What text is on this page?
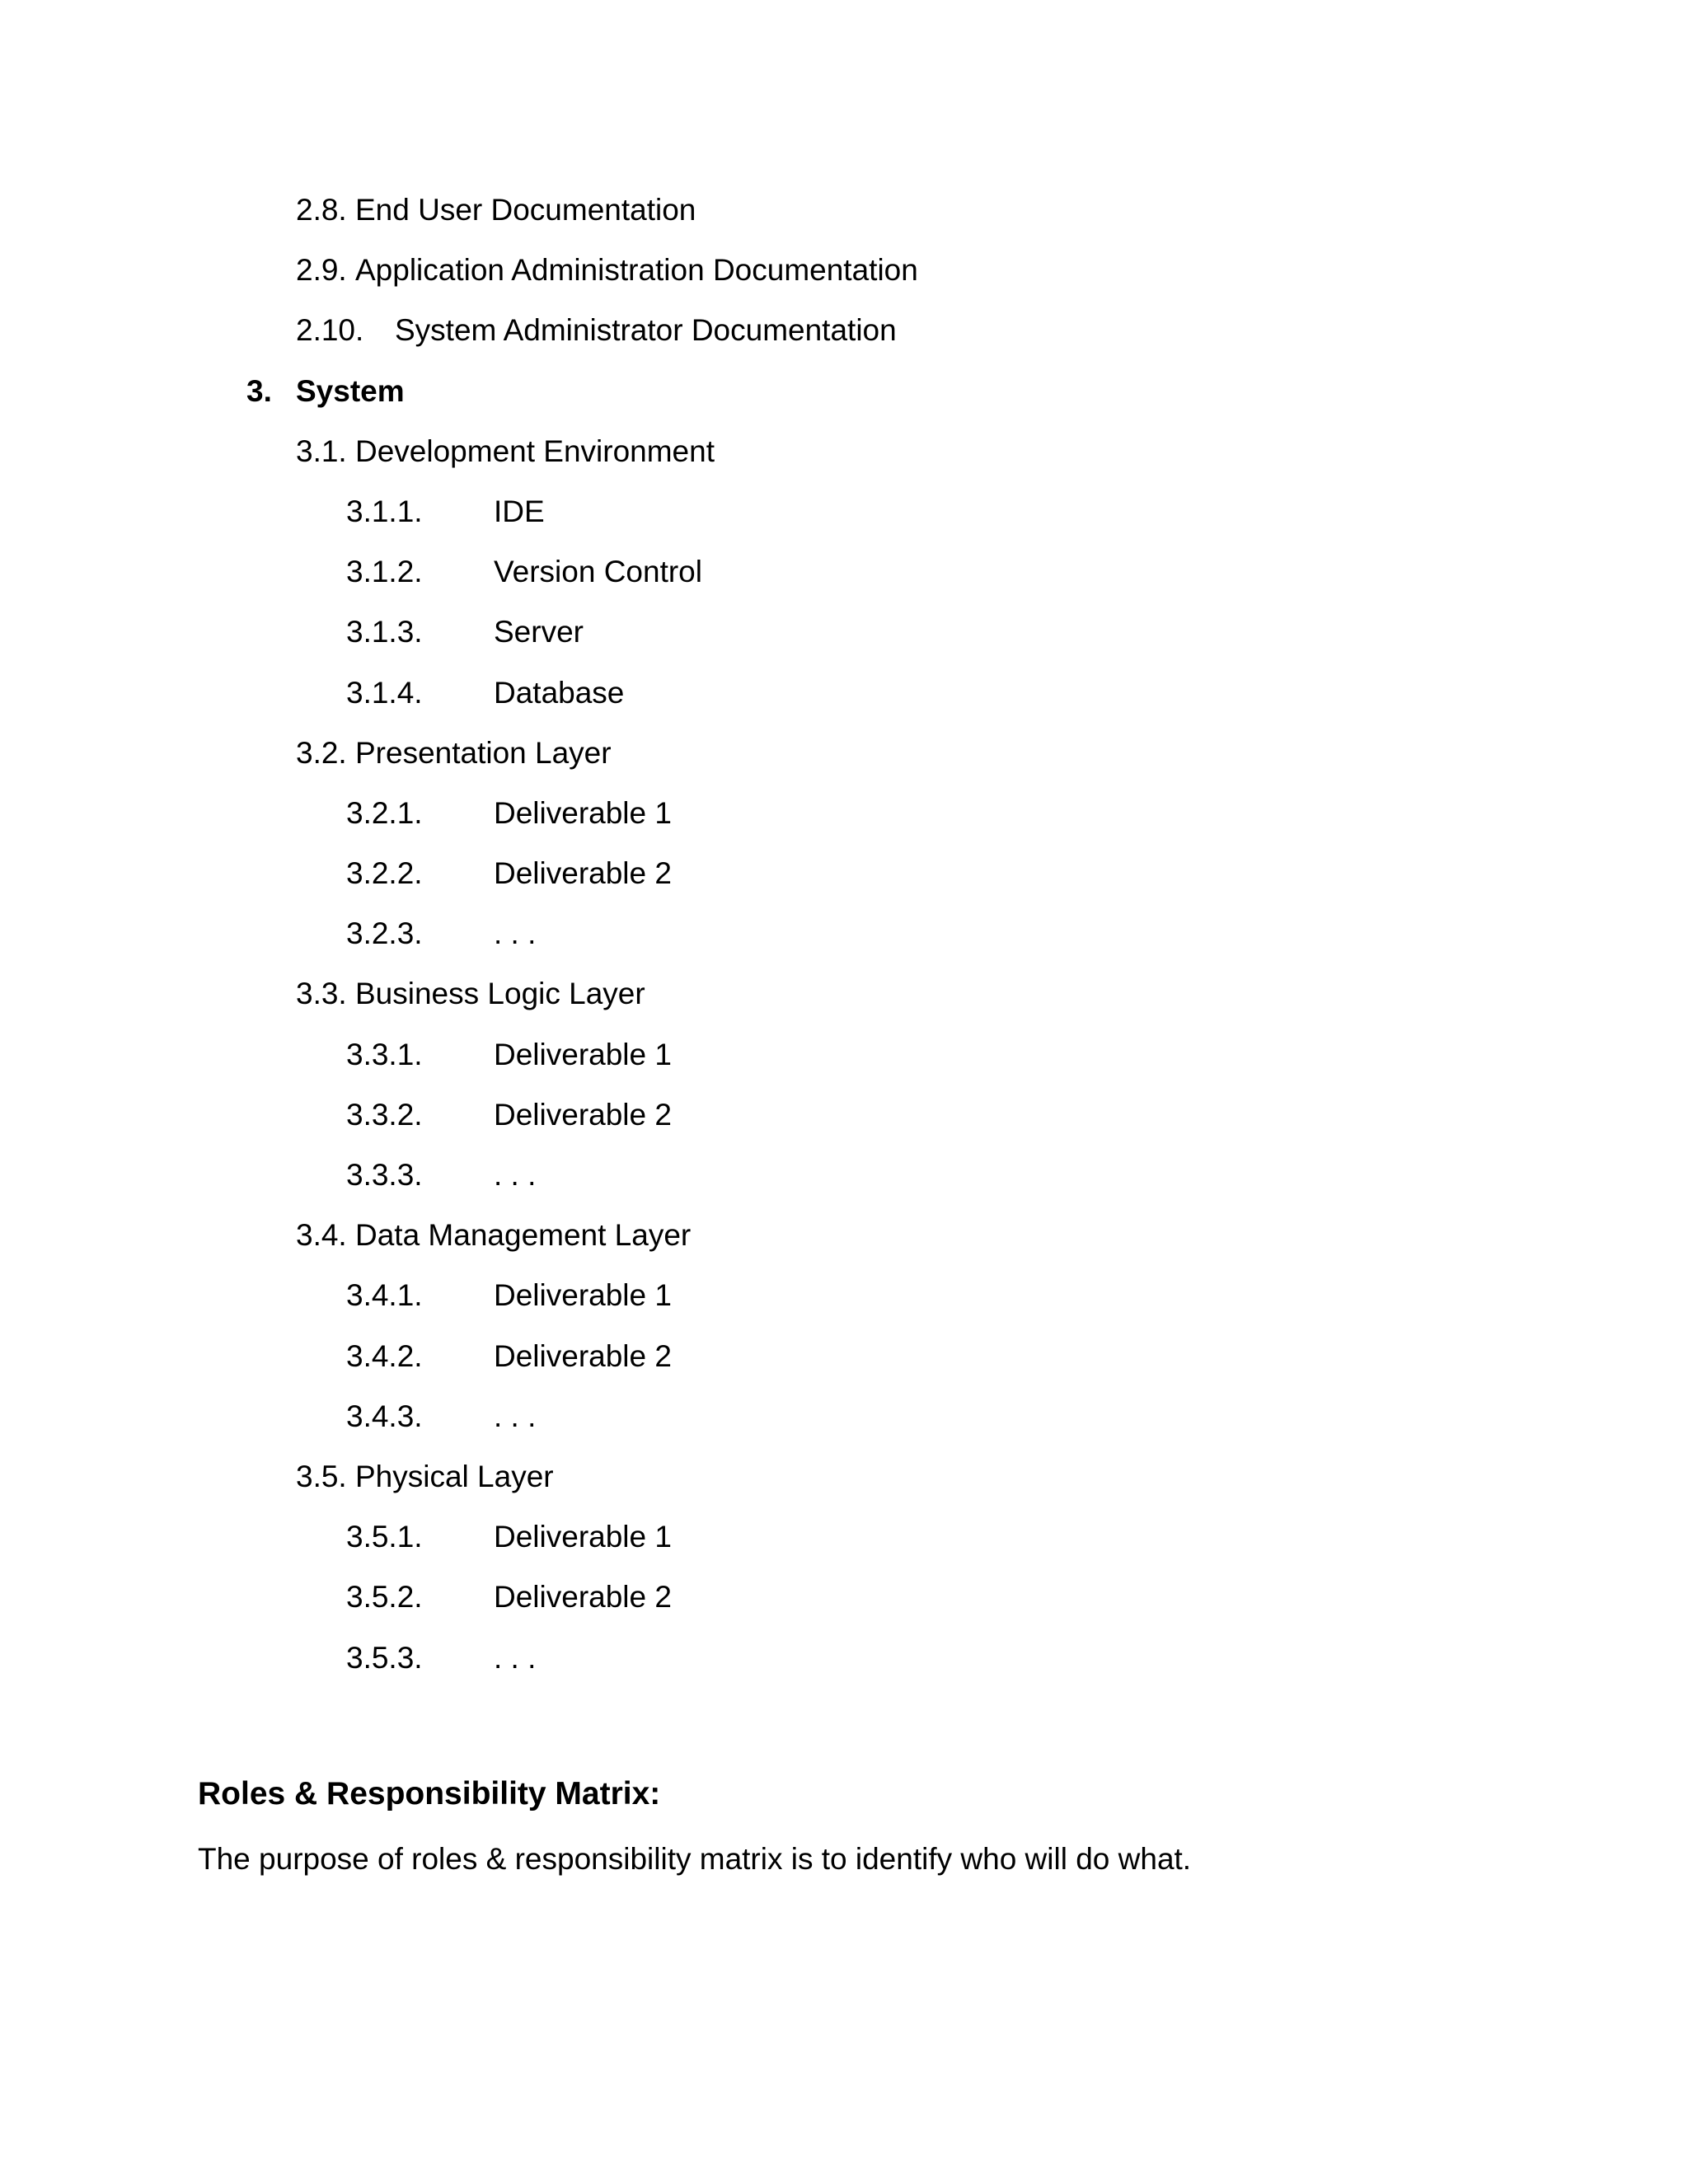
2.8. End User Documentation
2.9. Application Administration Documentation
2.10. System Administrator Documentation
3. System
3.1. Development Environment
3.1.1. IDE
3.1.2. Version Control
3.1.3. Server
3.1.4. Database
3.2. Presentation Layer
3.2.1. Deliverable 1
3.2.2. Deliverable 2
3.2.3. . . .
3.3. Business Logic Layer
3.3.1. Deliverable 1
3.3.2. Deliverable 2
3.3.3. . . .
3.4. Data Management Layer
3.4.1. Deliverable 1
3.4.2. Deliverable 2
3.4.3. . . .
3.5. Physical Layer
3.5.1. Deliverable 1
3.5.2. Deliverable 2
3.5.3. . . .
Roles & Responsibility Matrix:
The purpose of roles & responsibility matrix is to identify who will do what.
